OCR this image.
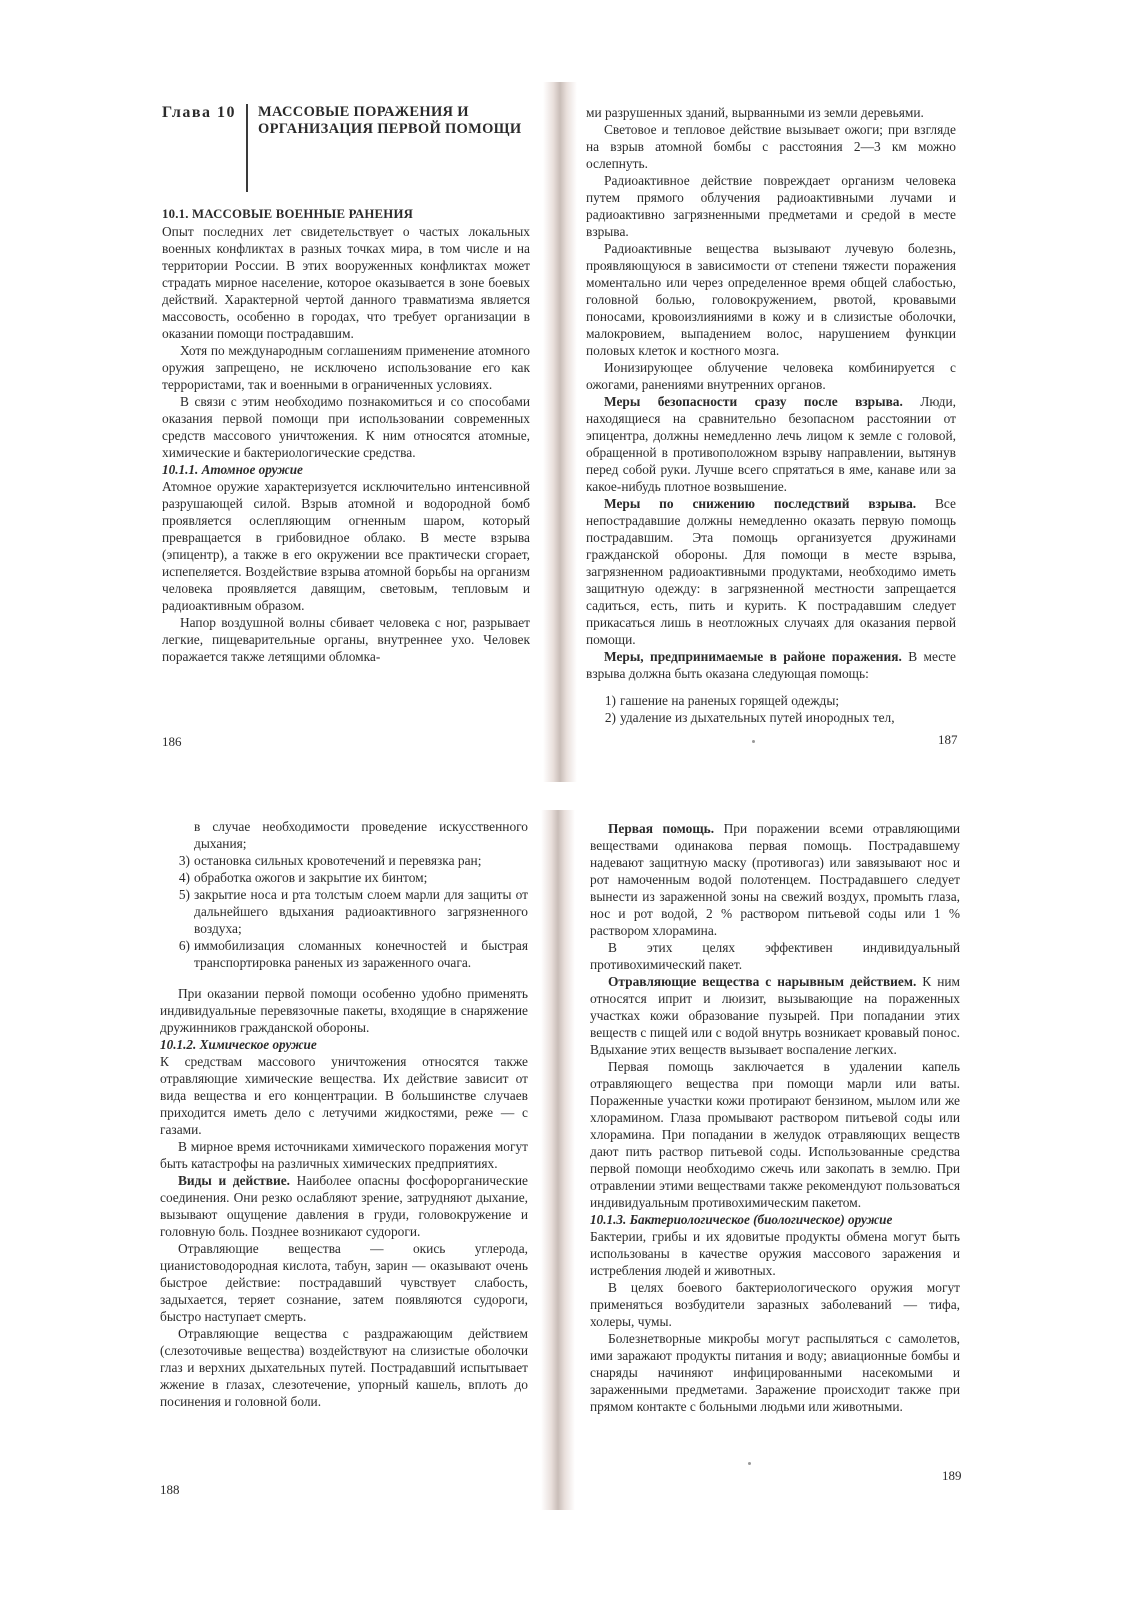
Глава 10 МАССОВЫЕ ПОРАЖЕНИЯ И ОРГАНИЗАЦИЯ ПЕРВОЙ ПОМОЩИ

10.1. МАССОВЫЕ ВОЕННЫЕ РАНЕНИЯ

Опыт последних лет свидетельствует о частых локальных военных конфликтах в разных точках мира, в том числе и на территории России. В этих вооруженных конфликтах может страдать мирное население, которое оказывается в зоне боевых действий. Характерной чертой данного травматизма является массовость, особенно в городах, что требует организации в оказании помощи пострадавшим.

Хотя по международным соглашениям применение атомного оружия запрещено, не исключено использование его как террористами, так и военными в ограниченных условиях.

В связи с этим необходимо познакомиться и со способами оказания первой помощи при использовании современных средств массового уничтожения. К ним относятся атомные, химические и бактериологические средства.

10.1.1. Атомное оружие

Атомное оружие характеризуется исключительно интенсивной разрушающей силой. Взрыв атомной и водородной бомб проявляется ослепляющим огненным шаром, который превращается в грибовидное облако. В месте взрыва (эпицентр), а также в его окружении все практически сгорает, испепеляется. Воздействие взрыва атомной борьбы на организм человека проявляется давящим, световым, тепловым и радиоактивным образом.

Напор воздушной волны сбивает человека с ног, разрывает легкие, пищеварительные органы, внутреннее ухо. Человек поражается также летящими обломка-

186

ми разрушенных зданий, вырванными из земли деревьями.

Световое и тепловое действие вызывает ожоги; при взгляде на взрыв атомной бомбы с расстояния 2—3 км можно ослепнуть.

Радиоактивное действие повреждает организм человека путем прямого облучения радиоактивными лучами и радиоактивно загрязненными предметами и средой в месте взрыва.

Радиоактивные вещества вызывают лучевую болезнь, проявляющуюся в зависимости от степени тяжести поражения моментально или через определенное время общей слабостью, головной болью, головокружением, рвотой, кровавыми поносами, кровоизлияниями в кожу и в слизистые оболочки, малокровием, выпадением волос, нарушением функции половых клеток и костного мозга.

Ионизирующее облучение человека комбинируется с ожогами, ранениями внутренних органов.

Меры безопасности сразу после взрыва. Люди, находящиеся на сравнительно безопасном расстоянии от эпицентра, должны немедленно лечь лицом к земле с головой, обращенной в противоположном взрыву направлении, вытянув перед собой руки. Лучше всего спрятаться в яме, канаве или за какое-нибудь плотное возвышение.

Меры по снижению последствий взрыва. Все непострадавшие должны немедленно оказать первую помощь пострадавшим. Эта помощь организуется дружинами гражданской обороны. Для помощи в месте взрыва, загрязненном радиоактивными продуктами, необходимо иметь защитную одежду: в загрязненной местности запрещается садиться, есть, пить и курить. К пострадавшим следует прикасаться лишь в неотложных случаях для оказания первой помощи.

Меры, предпринимаемые в районе поражения. В месте взрыва должна быть оказана следующая помощь:

1) гашение на раненых горящей одежды;
2) удаление из дыхательных путей инородных тел,
187
в случае необходимости проведение искусственного дыхания;
3) остановка сильных кровотечений и перевязка ран;
4) обработка ожогов и закрытие их бинтом;
5) закрытие носа и рта толстым слоем марли для защиты от дальнейшего вдыхания радиоактивного загрязненного воздуха;
6) иммобилизация сломанных конечностей и быстрая транспортировка раненых из зараженного очага.

При оказании первой помощи особенно удобно применять индивидуальные перевязочные пакеты, входящие в снаряжение дружинников гражданской обороны.

10.1.2. Химическое оружие

К средствам массового уничтожения относятся также отравляющие химические вещества. Их действие зависит от вида вещества и его концентрации. В большинстве случаев приходится иметь дело с летучими жидкостями, реже — с газами.

В мирное время источниками химического поражения могут быть катастрофы на различных химических предприятиях.

Виды и действие. Наиболее опасны фосфорорганические соединения. Они резко ослабляют зрение, затрудняют дыхание, вызывают ощущение давления в груди, головокружение и головную боль. Позднее возникают судороги.

Отравляющие вещества — окись углерода, цианистоводородная кислота, табун, зарин — оказывают очень быстрое действие: пострадавший чувствует слабость, задыхается, теряет сознание, затем появляются судороги, быстро наступает смерть.

Отравляющие вещества с раздражающим действием (слезоточивые вещества) воздействуют на слизистые оболочки глаз и верхних дыхательных путей. Пострадавший испытывает жжение в глазах, слезотечение, упорный кашель, вплоть до посинения и головной боли.

188

Первая помощь. При поражении всеми отравляющими веществами одинакова первая помощь. Пострадавшему надевают защитную маску (противогаз) или завязывают нос и рот намоченным водой полотенцем. Пострадавшего следует вынести из зараженной зоны на свежий воздух, промыть глаза, нос и рот водой, 2 % раствором питьевой соды или 1 % раствором хлорамина.

В этих целях эффективен индивидуальный противохимический пакет.

Отравляющие вещества с нарывным действием. К ним относятся иприт и люизит, вызывающие на пораженных участках кожи образование пузырей. При попадании этих веществ с пищей или с водой внутрь возникает кровавый понос. Вдыхание этих веществ вызывает воспаление легких.

Первая помощь заключается в удалении капель отравляющего вещества при помощи марли или ваты. Пораженные участки кожи протирают бензином, мылом или же хлорамином. Глаза промывают раствором питьевой соды или хлорамина. При попадании в желудок отравляющих веществ дают пить раствор питьевой соды. Использованные средства первой помощи необходимо сжечь или закопать в землю. При отравлении этими веществами также рекомендуют пользоваться индивидуальным противохимическим пакетом.

10.1.3. Бактериологическое (биологическое) оружие

Бактерии, грибы и их ядовитые продукты обмена могут быть использованы в качестве оружия массового заражения и истребления людей и животных.

В целях боевого бактериологического оружия могут применяться возбудители заразных заболеваний — тифа, холеры, чумы.

Болезнетворные микробы могут распыляться с самолетов, ими заражают продукты питания и воду; авиационные бомбы и снаряды начиняют инфицированными насекомыми и зараженными предметами. Заражение происходит также при прямом контакте с больными людьми или животными.

189
